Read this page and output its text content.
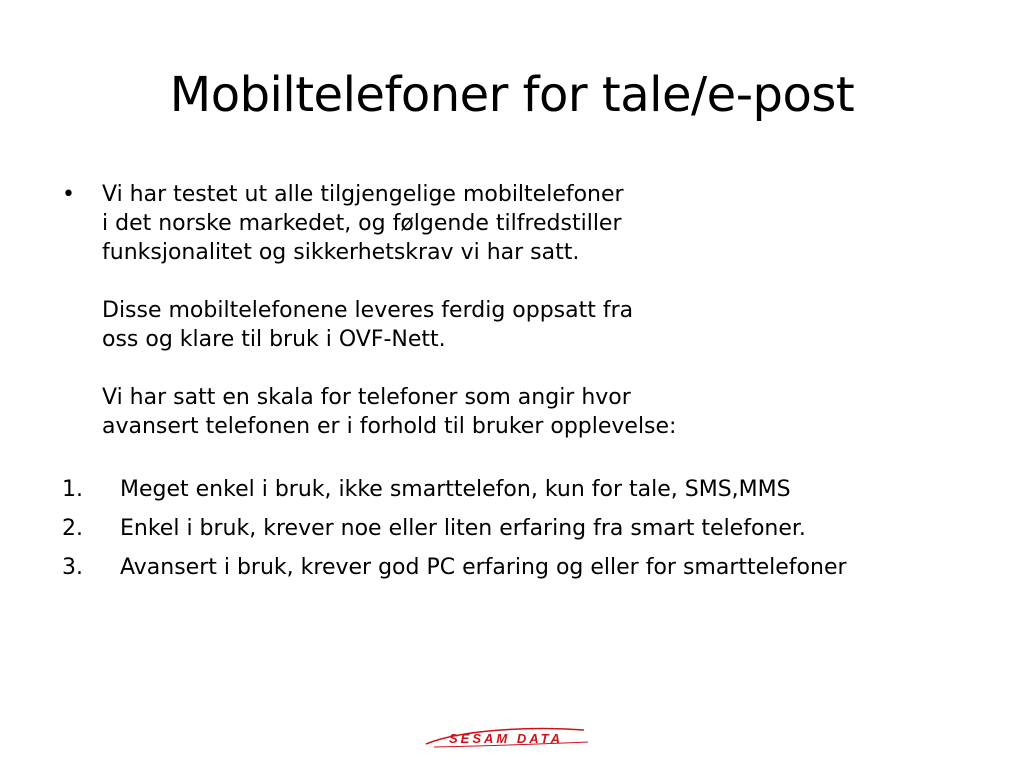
Mobiltelefoner for tale/e-post
• Vi har testet ut alle tilgjengelige mobiltelefoner
i det norske markedet, og følgende tilfredstiller
funksjonalitet og sikkerhetskrav vi har satt.

Disse mobiltelefonene leveres ferdig oppsatt fra
oss og klare til bruk i OVF-Nett.

Vi har satt en skala for telefoner som angir hvor
avansert telefonen er i forhold til bruker opplevelse:

1. Meget enkel i bruk, ikke smarttelefon, kun for tale, SMS,MMS
2. Enkel i bruk, krever noe eller liten erfaring fra smart telefoner.
3. Avansert i bruk, krever god PC erfaring og eller for smarttelefoner
SESAM DATA
